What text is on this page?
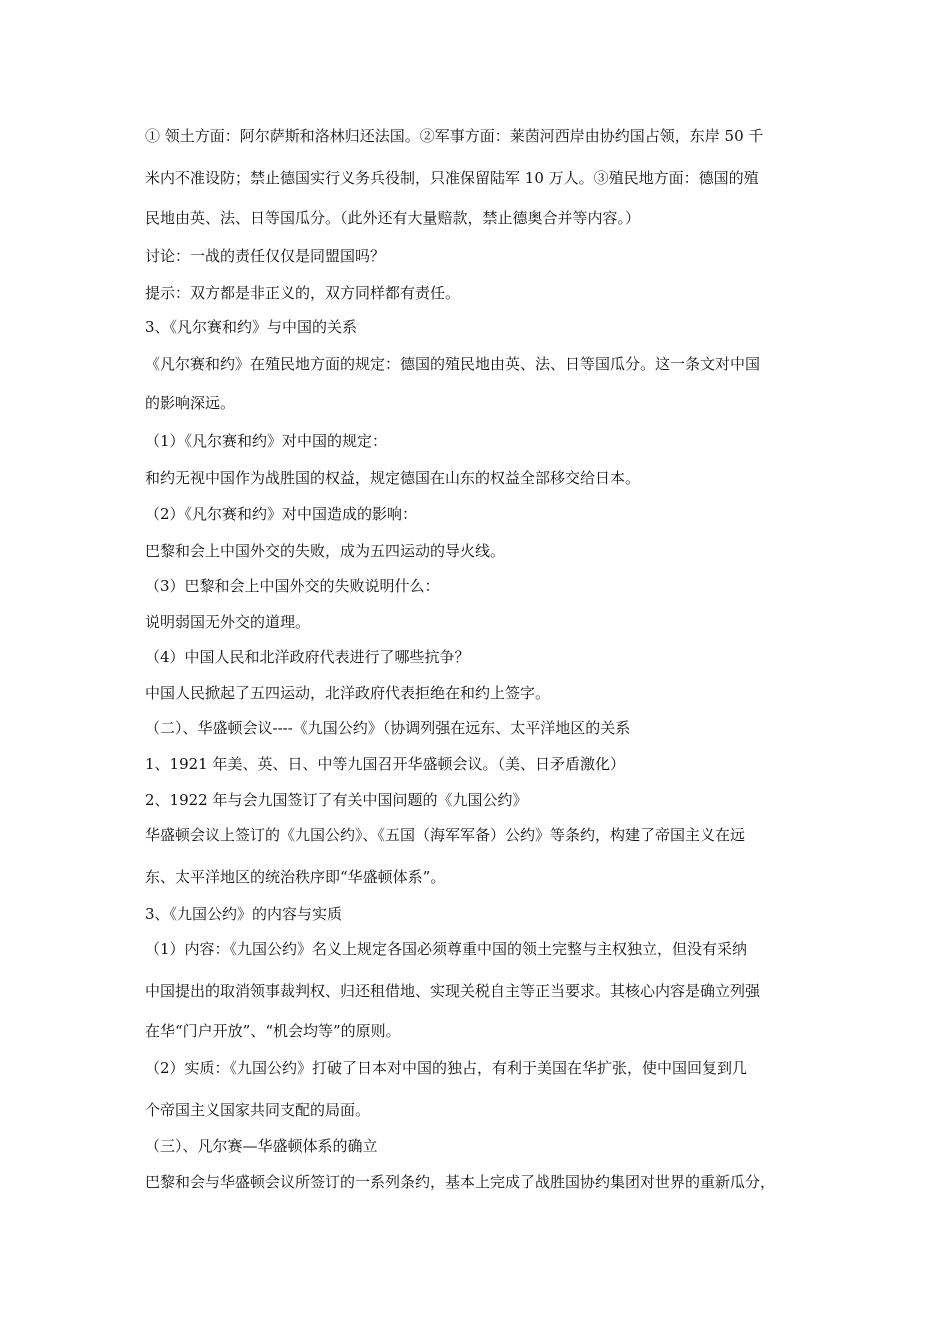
① 领土方面：阿尔萨斯和洛林归还法国。②军事方面：莱茵河西岸由协约国占领，东岸 50 千
米内不准设防；禁止德国实行义务兵役制，只准保留陆军 10 万人。③殖民地方面：德国的殖
民地由英、法、日等国瓜分。（此外还有大量赔款，禁止德奥合并等内容。）
讨论：一战的责任仅仅是同盟国吗？
提示：双方都是非正义的，双方同样都有责任。
3、《凡尔赛和约》与中国的关系
《凡尔赛和约》在殖民地方面的规定：德国的殖民地由英、法、日等国瓜分。这一条文对中国
的影响深远。
（1）《凡尔赛和约》对中国的规定：
和约无视中国作为战胜国的权益，规定德国在山东的权益全部移交给日本。
（2）《凡尔赛和约》对中国造成的影响：
巴黎和会上中国外交的失败，成为五四运动的导火线。
（3）巴黎和会上中国外交的失败说明什么：
说明弱国无外交的道理。
（4）中国人民和北洋政府代表进行了哪些抗争？
中国人民掀起了五四运动，北洋政府代表拒绝在和约上签字。
（二）、华盛顿会议----《九国公约》（协调列强在远东、太平洋地区的关系
1、1921 年美、英、日、中等九国召开华盛顿会议。（美、日矛盾激化）
2、1922 年与会九国签订了有关中国问题的《九国公约》
华盛顿会议上签订的《九国公约》、《五国（海军军备）公约》等条约，构建了帝国主义在远
东、太平洋地区的统治秩序即“华盛顿体系”。
3、《九国公约》的内容与实质
（1）内容：《九国公约》名义上规定各国必须尊重中国的领土完整与主权独立，但没有采纳
中国提出的取消领事裁判权、归还租借地、实现关税自主等正当要求。其核心内容是确立列强
在华“门户开放”、“机会均等”的原则。
（2）实质：《九国公约》打破了日本对中国的独占，有利于美国在华扩张，使中国回复到几
个帝国主义国家共同支配的局面。
（三）、凡尔赛—华盛顿体系的确立
巴黎和会与华盛顿会议所签订的一系列条约，基本上完成了战胜国协约集团对世界的重新瓜分，
